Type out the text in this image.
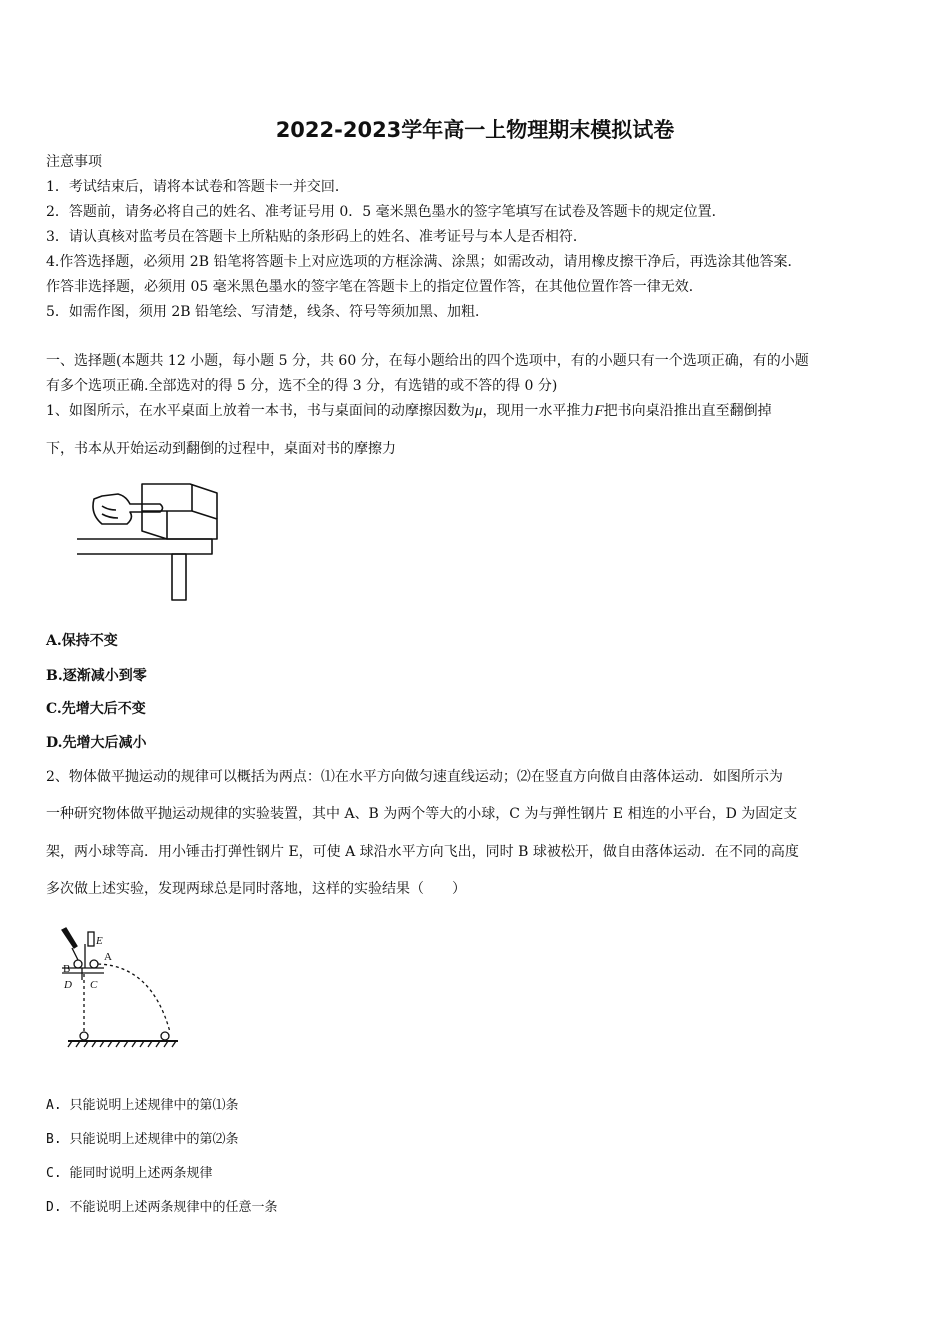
2022-2023学年高一上物理期末模拟试卷
注意事项
1．考试结束后，请将本试卷和答题卡一并交回．
2．答题前，请务必将自己的姓名、准考证号用 0．5 毫米黑色墨水的签字笔填写在试卷及答题卡的规定位置．
3．请认真核对监考员在答题卡上所粘贴的条形码上的姓名、准考证号与本人是否相符．
4.作答选择题，必须用 2B 铅笔将答题卡上对应选项的方框涂满、涂黑；如需改动，请用橡皮擦干净后，再选涂其他答案．
作答非选择题，必须用 05 毫米黑色墨水的签字笔在答题卡上的指定位置作答，在其他位置作答一律无效．
5．如需作图，须用 2B 铅笔绘、写清楚，线条、符号等须加黑、加粗．
一、选择题(本题共 12 小题，每小题 5 分，共 60 分，在每小题给出的四个选项中，有的小题只有一个选项正确，有的小题
有多个选项正确.全部选对的得 5 分，选不全的得 3 分，有选错的或不答的得 0 分)
1、如图所示，在水平桌面上放着一本书，书与桌面间的动摩擦因数为μ，现用一水平推力F把书向桌沿推出直至翻倒掉
下，书本从开始运动到翻倒的过程中，桌面对书的摩擦力
A.保持不变
B.逐渐减小到零
C.先增大后不变
D.先增大后减小
2、物体做平抛运动的规律可以概括为两点：⑴在水平方向做匀速直线运动；⑵在竖直方向做自由落体运动．如图所示为
一种研究物体做平抛运动规律的实验装置，其中 A、B 为两个等大的小球，C 为与弹性钢片 E 相连的小平台，D 为固定支
架，两小球等高．用小锤击打弹性钢片 E，可使 A 球沿水平方向飞出，同时 B 球被松开，做自由落体运动．在不同的高度
多次做上述实验，发现两球总是同时落地，这样的实验结果（　　）
E
A
B
D C
A. 只能说明上述规律中的第⑴条
B. 只能说明上述规律中的第⑵条
C. 能同时说明上述两条规律
D. 不能说明上述两条规律中的任意一条
